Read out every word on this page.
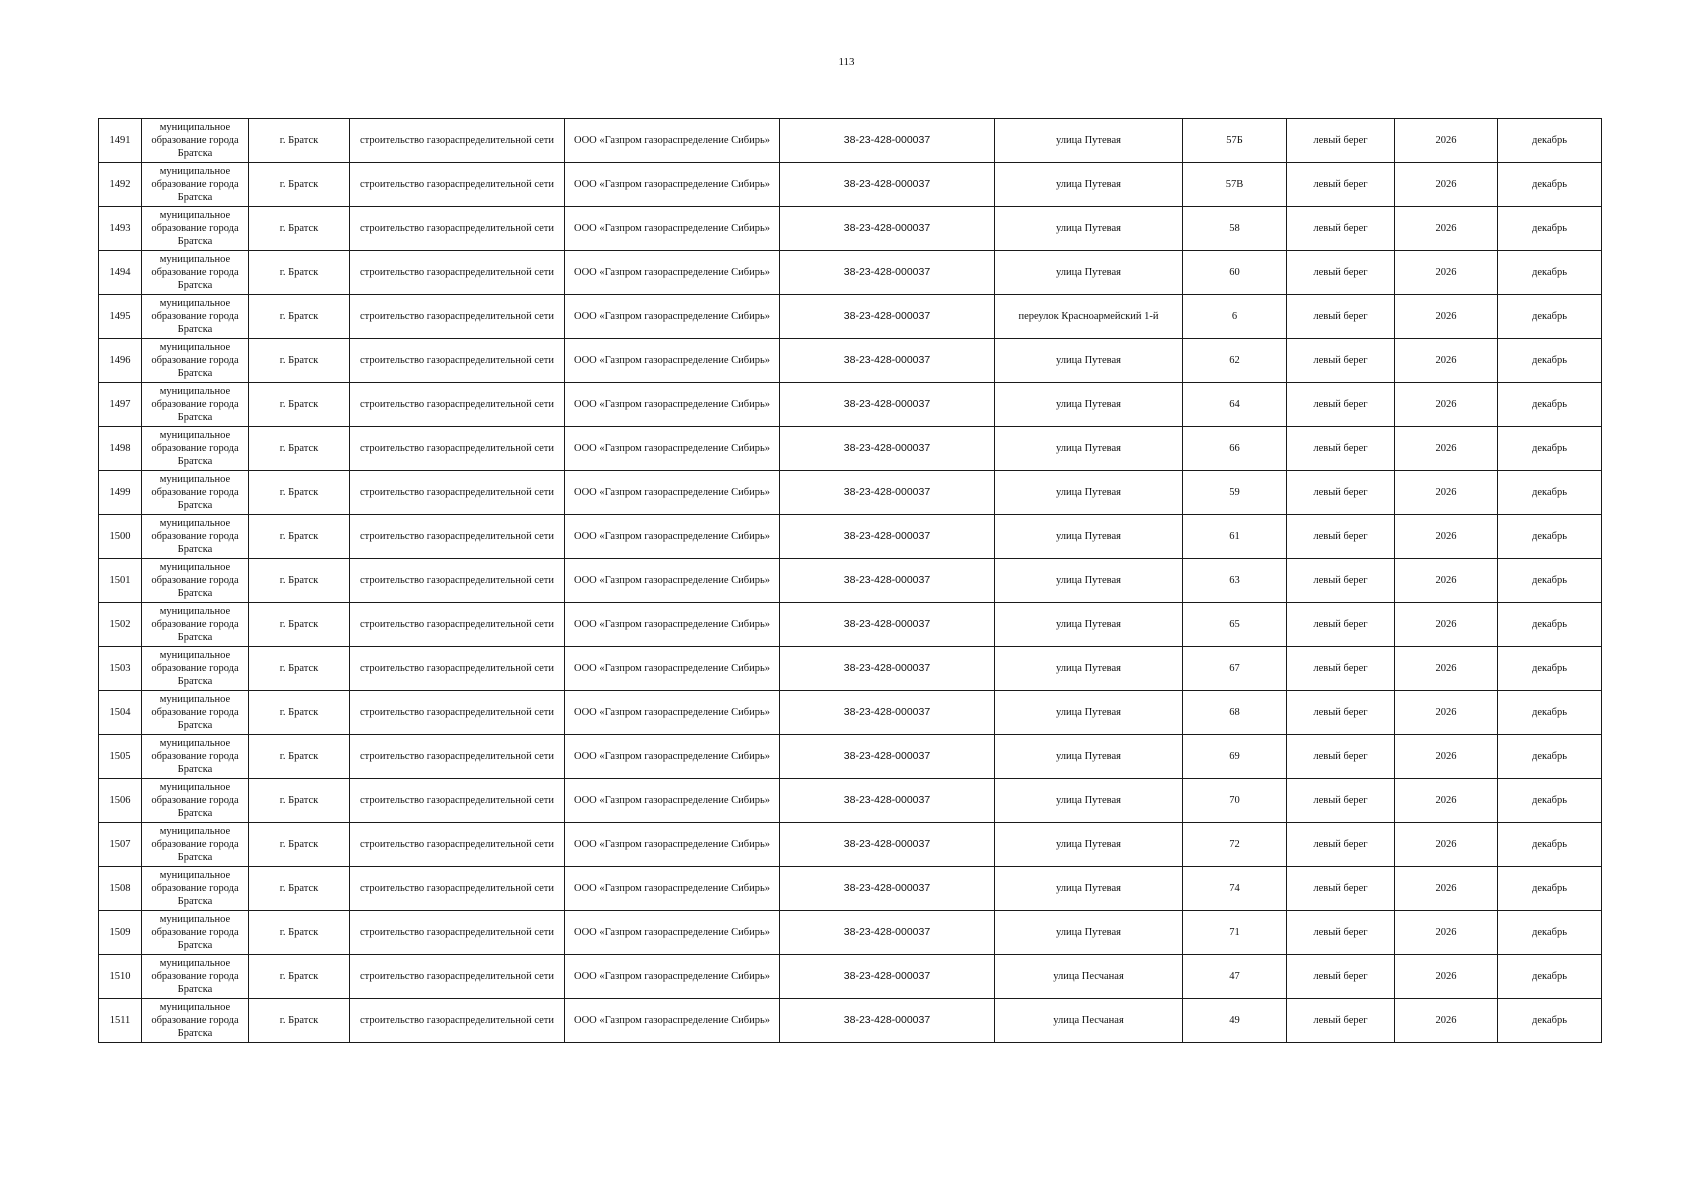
113
1491	муниципальное образование города Братска	г. Братск	строительство газораспределительной сети	ООО «Газпром газораспределение Сибирь»	38-23-428-000037	улица Путевая	57Б	левый берег	2026	декабрь
1492	муниципальное образование города Братска	г. Братск	строительство газораспределительной сети	ООО «Газпром газораспределение Сибирь»	38-23-428-000037	улица Путевая	57В	левый берег	2026	декабрь
1493	муниципальное образование города Братска	г. Братск	строительство газораспределительной сети	ООО «Газпром газораспределение Сибирь»	38-23-428-000037	улица Путевая	58	левый берег	2026	декабрь
1494	муниципальное образование города Братска	г. Братск	строительство газораспределительной сети	ООО «Газпром газораспределение Сибирь»	38-23-428-000037	улица Путевая	60	левый берег	2026	декабрь
1495	муниципальное образование города Братска	г. Братск	строительство газораспределительной сети	ООО «Газпром газораспределение Сибирь»	38-23-428-000037	переулок Красноармейский 1-й	6	левый берег	2026	декабрь
1496	муниципальное образование города Братска	г. Братск	строительство газораспределительной сети	ООО «Газпром газораспределение Сибирь»	38-23-428-000037	улица Путевая	62	левый берег	2026	декабрь
1497	муниципальное образование города Братска	г. Братск	строительство газораспределительной сети	ООО «Газпром газораспределение Сибирь»	38-23-428-000037	улица Путевая	64	левый берег	2026	декабрь
1498	муниципальное образование города Братска	г. Братск	строительство газораспределительной сети	ООО «Газпром газораспределение Сибирь»	38-23-428-000037	улица Путевая	66	левый берег	2026	декабрь
1499	муниципальное образование города Братска	г. Братск	строительство газораспределительной сети	ООО «Газпром газораспределение Сибирь»	38-23-428-000037	улица Путевая	59	левый берег	2026	декабрь
1500	муниципальное образование города Братска	г. Братск	строительство газораспределительной сети	ООО «Газпром газораспределение Сибирь»	38-23-428-000037	улица Путевая	61	левый берег	2026	декабрь
1501	муниципальное образование города Братска	г. Братск	строительство газораспределительной сети	ООО «Газпром газораспределение Сибирь»	38-23-428-000037	улица Путевая	63	левый берег	2026	декабрь
1502	муниципальное образование города Братска	г. Братск	строительство газораспределительной сети	ООО «Газпром газораспределение Сибирь»	38-23-428-000037	улица Путевая	65	левый берег	2026	декабрь
1503	муниципальное образование города Братска	г. Братск	строительство газораспределительной сети	ООО «Газпром газораспределение Сибирь»	38-23-428-000037	улица Путевая	67	левый берег	2026	декабрь
1504	муниципальное образование города Братска	г. Братск	строительство газораспределительной сети	ООО «Газпром газораспределение Сибирь»	38-23-428-000037	улица Путевая	68	левый берег	2026	декабрь
1505	муниципальное образование города Братска	г. Братск	строительство газораспределительной сети	ООО «Газпром газораспределение Сибирь»	38-23-428-000037	улица Путевая	69	левый берег	2026	декабрь
1506	муниципальное образование города Братска	г. Братск	строительство газораспределительной сети	ООО «Газпром газораспределение Сибирь»	38-23-428-000037	улица Путевая	70	левый берег	2026	декабрь
1507	муниципальное образование города Братска	г. Братск	строительство газораспределительной сети	ООО «Газпром газораспределение Сибирь»	38-23-428-000037	улица Путевая	72	левый берег	2026	декабрь
1508	муниципальное образование города Братска	г. Братск	строительство газораспределительной сети	ООО «Газпром газораспределение Сибирь»	38-23-428-000037	улица Путевая	74	левый берег	2026	декабрь
1509	муниципальное образование города Братска	г. Братск	строительство газораспределительной сети	ООО «Газпром газораспределение Сибирь»	38-23-428-000037	улица Путевая	71	левый берег	2026	декабрь
1510	муниципальное образование города Братска	г. Братск	строительство газораспределительной сети	ООО «Газпром газораспределение Сибирь»	38-23-428-000037	улица Песчаная	47	левый берег	2026	декабрь
1511	муниципальное образование города Братска	г. Братск	строительство газораспределительной сети	ООО «Газпром газораспределение Сибирь»	38-23-428-000037	улица Песчаная	49	левый берег	2026	декабрь
